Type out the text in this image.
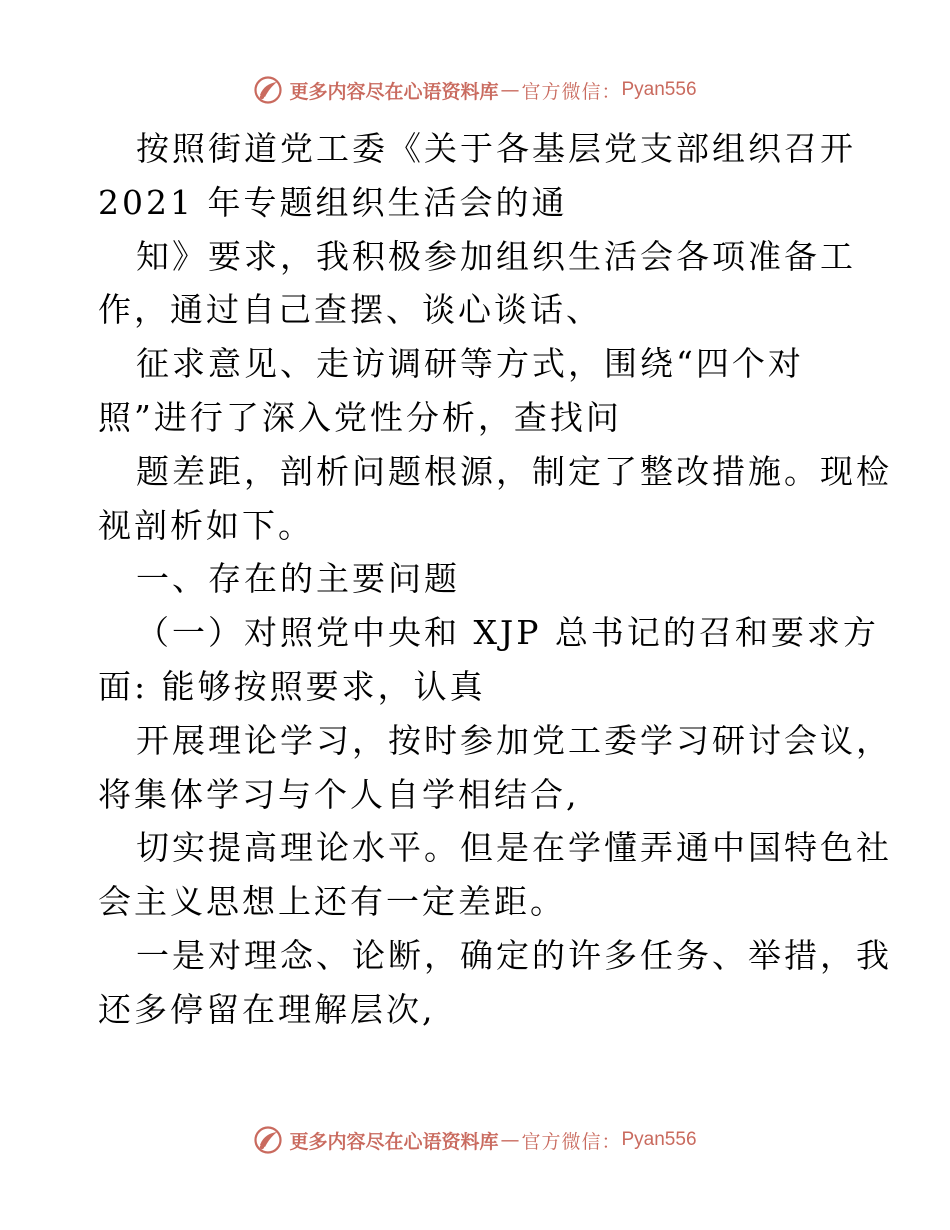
更多内容尽在心语资料库 — 官方微信： Pyan556
按照街道党工委《关于各基层党支部组织召开
2021 年专题组织生活会的通
知》要求，我积极参加组织生活会各项准备工
作，通过自己查摆、谈心谈话、
征求意见、走访调研等方式，围绕“四个对
照”进行了深入党性分析，查找问
题差距，剖析问题根源，制定了整改措施。现检
视剖析如下。
一、存在的主要问题
（一）对照党中央和 XJP 总书记的召和要求方
面: 能够按照要求，认真
开展理论学习，按时参加党工委学习研讨会议，
将集体学习与个人自学相结合,
切实提高理论水平。但是在学懂弄通中国特色社
会主义思想上还有一定差距。
一是对理念、论断，确定的许多任务、举措，我
还多停留在理解层次,
更多内容尽在心语资料库 — 官方微信： Pyan556
